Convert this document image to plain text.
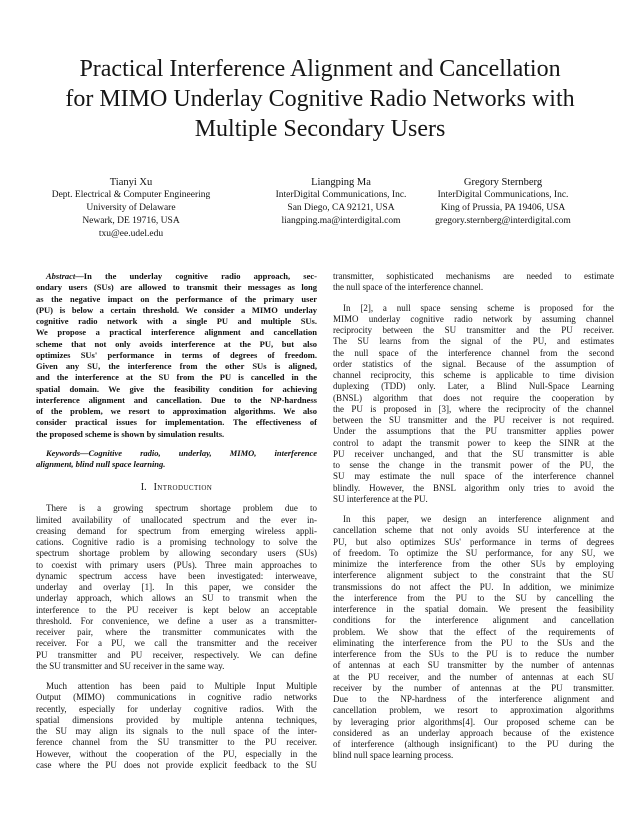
Practical Interference Alignment and Cancellation
for MIMO Underlay Cognitive Radio Networks with
Multiple Secondary Users
Tianyi Xu
Dept. Electrical & Computer Engineering
University of Delaware
Newark, DE 19716, USA
txu@ee.udel.edu
Liangping Ma
InterDigital Communications, Inc.
San Diego, CA 92121, USA
liangping.ma@interdigital.com
Gregory Sternberg
InterDigital Communications, Inc.
King of Prussia, PA 19406, USA
gregory.sternberg@interdigital.com
Abstract—In the underlay cognitive radio approach, sec-
ondary users (SUs) are allowed to transmit their messages as long
as the negative impact on the performance of the primary user
(PU) is below a certain threshold. We consider a MIMO underlay
cognitive radio network with a single PU and multiple SUs.
We propose a practical interference alignment and cancellation
scheme that not only avoids interference at the PU, but also
optimizes SUs' performance in terms of degrees of freedom.
Given any SU, the interference from the other SUs is aligned,
and the interference at the SU from the PU is cancelled in the
spatial domain. We give the feasibility condition for achieving
interference alignment and cancellation. Due to the NP-hardness
of the problem, we resort to approximation algorithms. We also
consider practical issues for implementation. The effectiveness of
the proposed scheme is shown by simulation results.
Keywords—Cognitive radio, underlay, MIMO, interference
alignment, blind null space learning.
I. Introduction
There is a growing spectrum shortage problem due to
limited availability of unallocated spectrum and the ever in-
creasing demand for spectrum from emerging wireless appli-
cations. Cognitive radio is a promising technology to solve the
spectrum shortage problem by allowing secondary users (SUs)
to coexist with primary users (PUs). Three main approaches to
dynamic spectrum access have been investigated: interweave,
underlay and overlay [1]. In this paper, we consider the
underlay approach, which allows an SU to transmit when the
interference to the PU receiver is kept below an acceptable
threshold. For convenience, we define a user as a transmitter-
receiver pair, where the transmitter communicates with the
receiver. For a PU, we call the transmitter and the receiver
PU transmitter and PU receiver, respectively. We can define
the SU transmitter and SU receiver in the same way.
Much attention has been paid to Multiple Input Multiple
Output (MIMO) communications in cognitive radio networks
recently, especially for underlay cognitive radios. With the
spatial dimensions provided by multiple antenna techniques,
the SU may align its signals to the null space of the inter-
ference channel from the SU transmitter to the PU receiver.
However, without the cooperation of the PU, especially in the
case where the PU does not provide explicit feedback to the SU
transmitter, sophisticated mechanisms are needed to estimate
the null space of the interference channel.
In [2], a null space sensing scheme is proposed for the
MIMO underlay cognitive radio network by assuming channel
reciprocity between the SU transmitter and the PU receiver.
The SU learns from the signal of the PU, and estimates
the null space of the interference channel from the second
order statistics of the signal. Because of the assumption of
channel reciprocity, this scheme is applicable to time division
duplexing (TDD) only. Later, a Blind Null-Space Learning
(BNSL) algorithm that does not require the cooperation by
the PU is proposed in [3], where the reciprocity of the channel
between the SU transmitter and the PU receiver is not required.
Under the assumptions that the PU transmitter applies power
control to adapt the transmit power to keep the SINR at the
PU receiver unchanged, and that the SU transmitter is able
to sense the change in the transmit power of the PU, the
SU may estimate the null space of the interference channel
blindly. However, the BNSL algorithm only tries to avoid the
SU interference at the PU.
In this paper, we design an interference alignment and
cancellation scheme that not only avoids SU interference at the
PU, but also optimizes SUs' performance in terms of degrees
of freedom. To optimize the SU performance, for any SU, we
minimize the interference from the other SUs by employing
interference alignment subject to the constraint that the SU
transmissions do not affect the PU. In addition, we minimize
the interference from the PU to the SU by cancelling the
interference in the spatial domain. We present the feasibility
conditions for the interference alignment and cancellation
problem. We show that the effect of the requirements of
eliminating the interference from the PU to the SUs and the
interference from the SUs to the PU is to reduce the number
of antennas at each SU transmitter by the number of antennas
at the PU receiver, and the number of antennas at each SU
receiver by the number of antennas at the PU transmitter.
Due to the NP-hardness of the interference alignment and
cancellation problem, we resort to approximation algorithms
by leveraging prior algorithms[4]. Our proposed scheme can be
considered as an underlay approach because of the existence
of interference (although insignificant) to the PU during the
blind null space learning process.
